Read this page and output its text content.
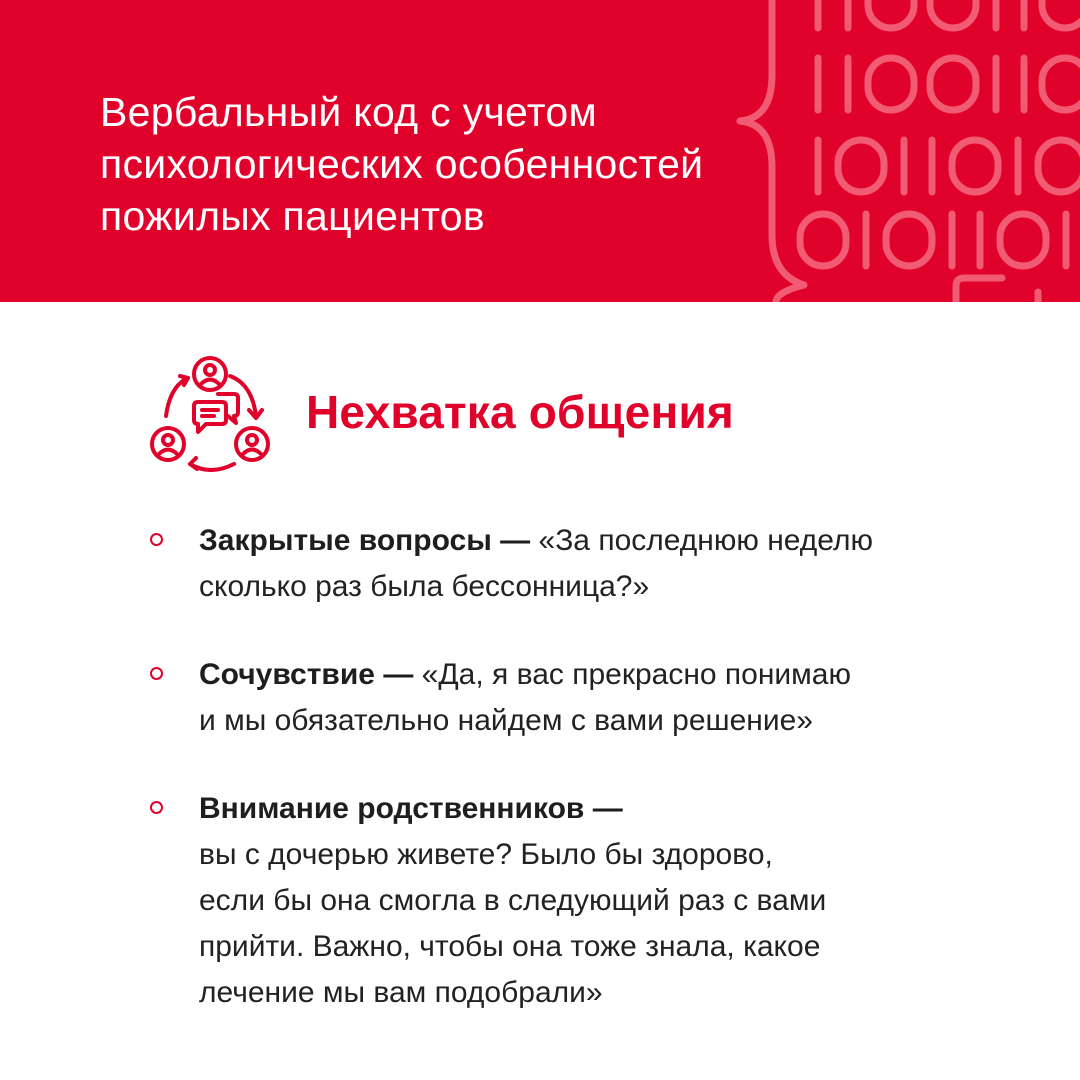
Вербальный код с учетом
психологических особенностей
пожилых пациентов
Нехватка общения
Закрытые вопросы — «За последнюю неделю
сколько раз была бессонница?»
Сочувствие — «Да, я вас прекрасно понимаю
и мы обязательно найдем с вами решение»
Внимание родственников —
вы с дочерью живете? Было бы здорово,
если бы она смогла в следующий раз с вами
прийти. Важно, чтобы она тоже знала, какое
лечение мы вам подобрали»
